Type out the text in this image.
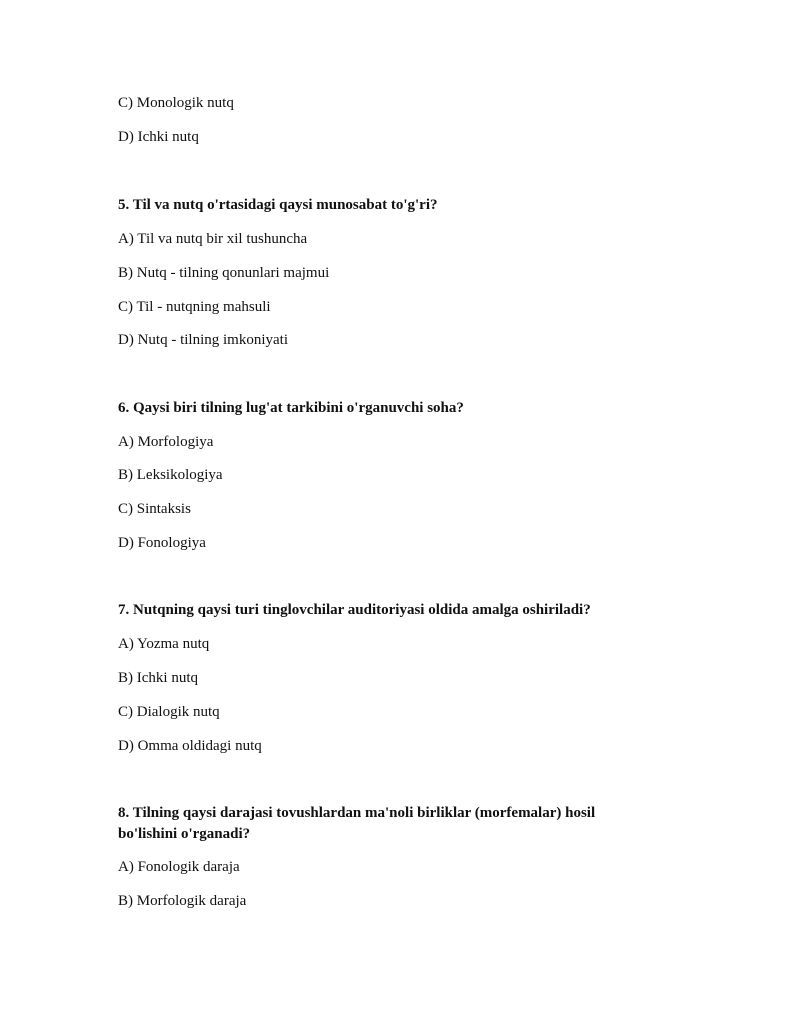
C) Monologik nutq
D) Ichki nutq
5. Til va nutq o'rtasidagi qaysi munosabat to'g'ri?
A) Til va nutq bir xil tushuncha
B) Nutq - tilning qonunlari majmui
C) Til - nutqning mahsuli
D) Nutq - tilning imkoniyati
6. Qaysi biri tilning lug'at tarkibini o'rganuvchi soha?
A) Morfologiya
B) Leksikologiya
C) Sintaksis
D) Fonologiya
7. Nutqning qaysi turi tinglovchilar auditoriyasi oldida amalga oshiriladi?
A) Yozma nutq
B) Ichki nutq
C) Dialogik nutq
D) Omma oldidagi nutq
8. Tilning qaysi darajasi tovushlardan ma'noli birliklar (morfemalar) hosil
bo'lishini o'rganadi?
A) Fonologik daraja
B) Morfologik daraja
